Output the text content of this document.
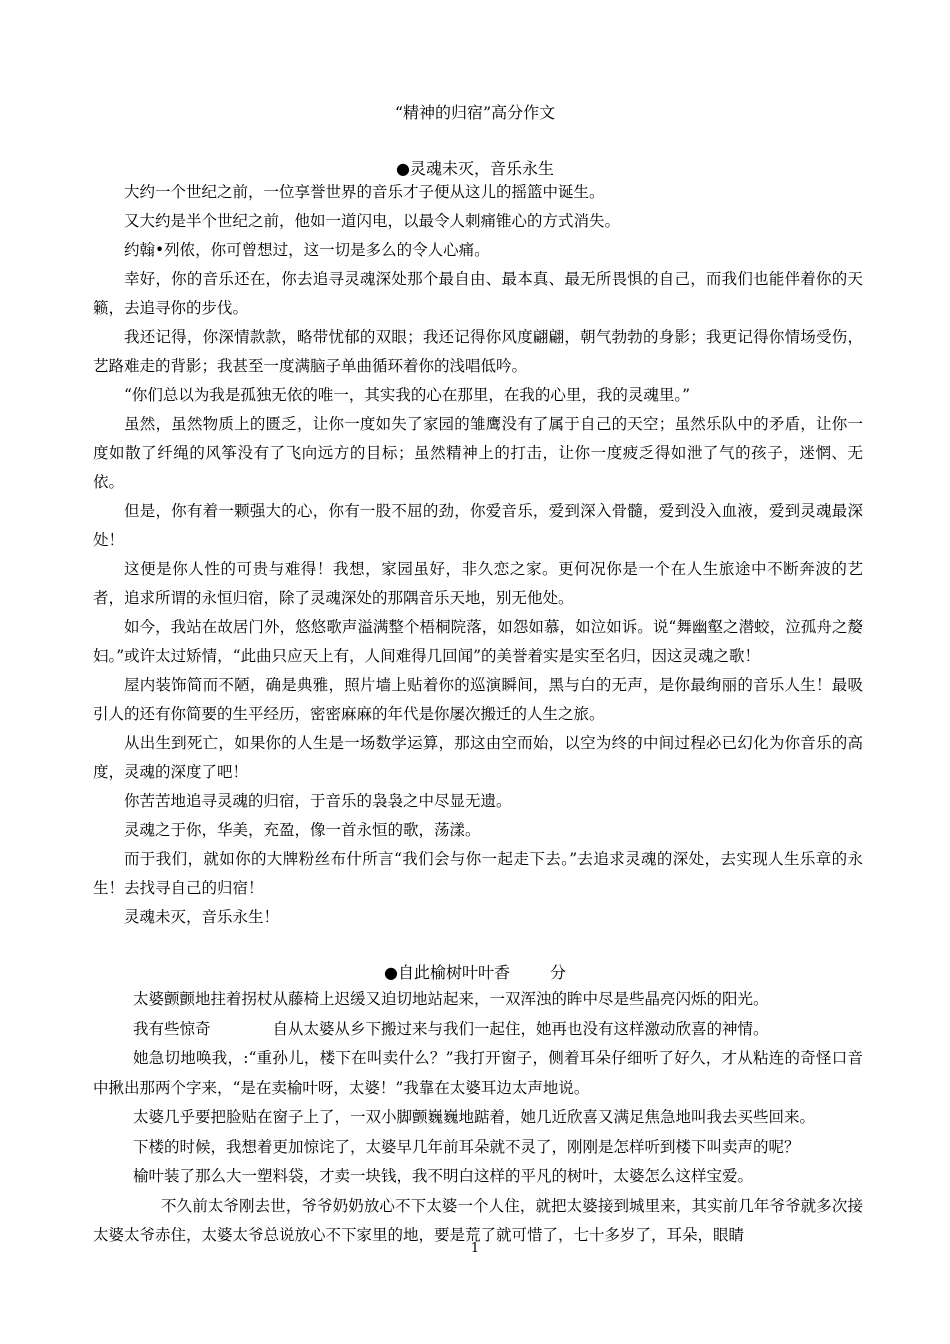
“精神的归宿”高分作文
●灵魂未灭，音乐永生

大约一个世纪之前，一位享誉世界的音乐才子便从这儿的摇篮中诞生。

又大约是半个世纪之前，他如一道闪电，以最令人刺痛锥心的方式消失。

约翰•列侬，你可曾想过，这一切是多么的令人心痛。

幸好，你的音乐还在，你去追寻灵魂深处那个最自由、最本真、最无所畏惧的自己，而我们也能伴着你的天籁，去追寻你的步伐。

我还记得，你深情款款，略带忧郁的双眼；我还记得你风度翩翩，朝气勃勃的身影；我更记得你情场受伤，艺路难走的背影；我甚至一度满脑子单曲循环着你的浅唱低吟。

“你们总以为我是孤独无依的唯一，其实我的心在那里，在我的心里，我的灵魂里。”

虽然，虽然物质上的匮乏，让你一度如失了家园的雏鹰没有了属于自己的天空；虽然乐队中的矛盾，让你一度如散了纤绳的风筝没有了飞向远方的目标；虽然精神上的打击，让你一度疲乏得如泄了气的孩子，迷惘、无依。

但是，你有着一颗强大的心，你有一股不屈的劲，你爱音乐，爱到深入骨髓，爱到没入血液，爱到灵魂最深处！

这便是你人性的可贵与难得！我想，家园虽好，非久恋之家。更何况你是一个在人生旅途中不断奔波的艺者，追求所谓的永恒归宿，除了灵魂深处的那隅音乐天地，别无他处。

如今，我站在故居门外，悠悠歌声溢满整个梧桐院落，如怨如慕，如泣如诉。说“舞幽壑之潜蛟，泣孤舟之嫠妇。”或许太过矫情，“此曲只应天上有，人间难得几回闻”的美誉着实是实至名归，因这灵魂之歌！

屋内装饰简而不陋，确是典雅，照片墙上贴着你的巡演瞬间，黑与白的无声，是你最绚丽的音乐人生！最吸引人的还有你简要的生平经历，密密麻麻的年代是你屡次搬迁的人生之旅。

从出生到死亡，如果你的人生是一场数学运算，那这由空而始，以空为终的中间过程必已幻化为你音乐的高度，灵魂的深度了吧！

你苦苦地追寻灵魂的归宿，于音乐的袅袅之中尽显无遗。

灵魂之于你，华美，充盈，像一首永恒的歌，荡漾。

而于我们，就如你的大牌粉丝布什所言“我们会与你一起走下去。”去追求灵魂的深处，去实现人生乐章的永生！去找寻自己的归宿！

灵魂未灭，音乐永生！

●自此榆树叶叶香	分

太婆颤颤地拄着拐杖从藤椅上迟缓又迫切地站起来，一双浑浊的眸中尽是些晶亮闪烁的阳光。

我有些惊奇	自从太婆从乡下搬过来与我们一起住，她再也没有这样激动欣喜的神情。

她急切地唤我，:“重孙儿，楼下在叫卖什么？”我打开窗子，侧着耳朵仔细听了好久，才从粘连的奇怪口音中揪出那两个字来，“是在卖榆叶呀，太婆！”我靠在太婆耳边太声地说。

太婆几乎要把脸贴在窗子上了，一双小脚颤巍巍地踮着，她几近欣喜又满足焦急地叫我去买些回来。

下楼的时候，我想着更加惊诧了，太婆早几年前耳朵就不灵了，刚刚是怎样听到楼下叫卖声的呢？

榆叶装了那么大一塑料袋，才卖一块钱，我不明白这样的平凡的树叶，太婆怎么这样宝爱。

不久前太爷刚去世，爷爷奶奶放心不下太婆一个人住，就把太婆接到城里来，其实前几年爷爷就多次接太婆太爷赤住，太婆太爷总说放心不下家里的地，要是荒了就可惜了，七十多岁了，耳朵，眼睛

1
